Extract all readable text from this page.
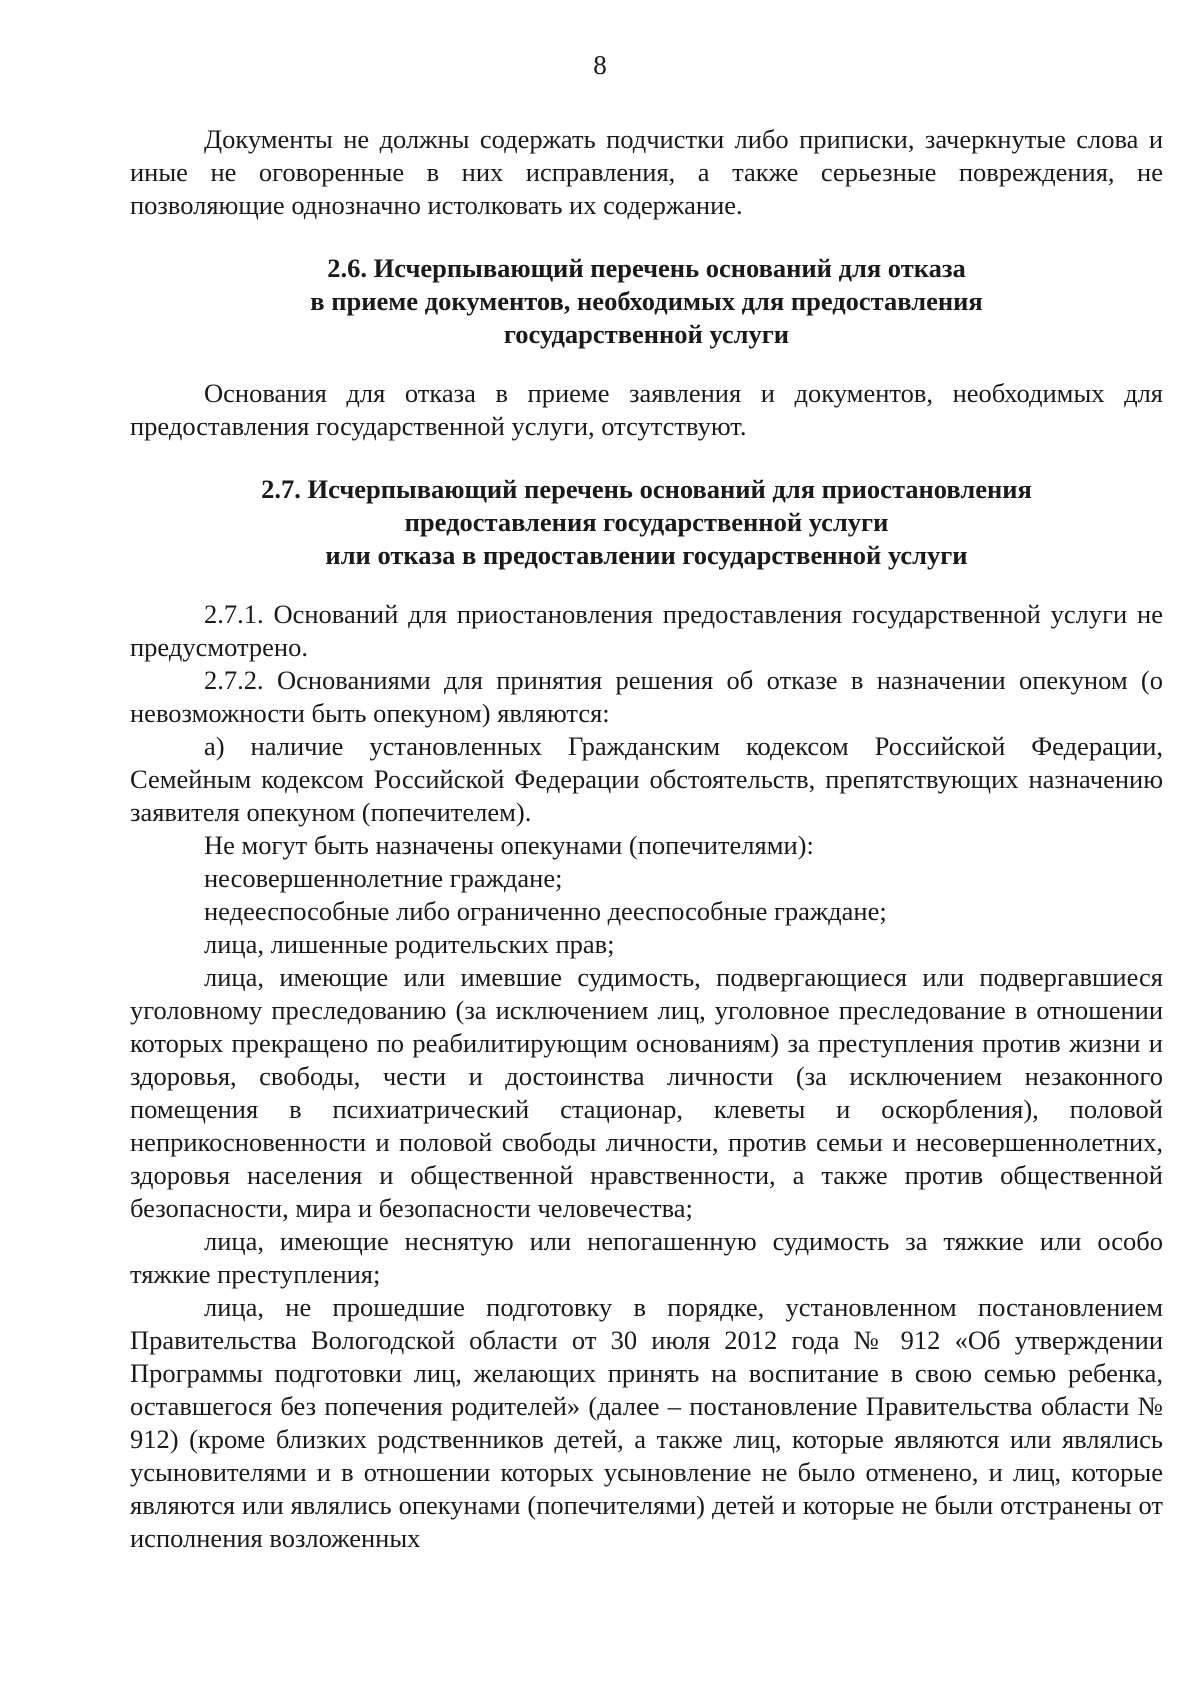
8

Документы не должны содержать подчистки либо приписки, зачеркнутые слова и иные не оговоренные в них исправления, а также серьезные повреждения, не позволяющие однозначно истолковать их содержание.

2.6. Исчерпывающий перечень оснований для отказа
в приеме документов, необходимых для предоставления
государственной услуги

Основания для отказа в приеме заявления и документов, необходимых для предоставления государственной услуги, отсутствуют.

2.7. Исчерпывающий перечень оснований для приостановления
предоставления государственной услуги
или отказа в предоставлении государственной услуги

2.7.1. Оснований для приостановления предоставления государственной услуги не предусмотрено.

2.7.2. Основаниями для принятия решения об отказе в назначении опекуном (о невозможности быть опекуном) являются:

а) наличие установленных Гражданским кодексом Российской Федерации, Семейным кодексом Российской Федерации обстоятельств, препятствующих назначению заявителя опекуном (попечителем).

Не могут быть назначены опекунами (попечителями):

несовершеннолетние граждане;

недееспособные либо ограниченно дееспособные граждане;

лица, лишенные родительских прав;

лица, имеющие или имевшие судимость, подвергающиеся или подвергавшиеся уголовному преследованию (за исключением лиц, уголовное преследование в отношении которых прекращено по реабилитирующим основаниям) за преступления против жизни и здоровья, свободы, чести и достоинства личности (за исключением незаконного помещения в психиатрический стационар, клеветы и оскорбления), половой неприкосновенности и половой свободы личности, против семьи и несовершеннолетних, здоровья населения и общественной нравственности, а также против общественной безопасности, мира и безопасности человечества;

лица, имеющие неснятую или непогашенную судимость за тяжкие или особо тяжкие преступления;

лица, не прошедшие подготовку в порядке, установленном постановлением Правительства Вологодской области от 30 июля 2012 года № 912 «Об утверждении Программы подготовки лиц, желающих принять на воспитание в свою семью ребенка, оставшегося без попечения родителей» (далее – постановление Правительства области № 912) (кроме близких родственников детей, а также лиц, которые являются или являлись усыновителями и в отношении которых усыновление не было отменено, и лиц, которые являются или являлись опекунами (попечителями) детей и которые не были отстранены от исполнения возложенных
